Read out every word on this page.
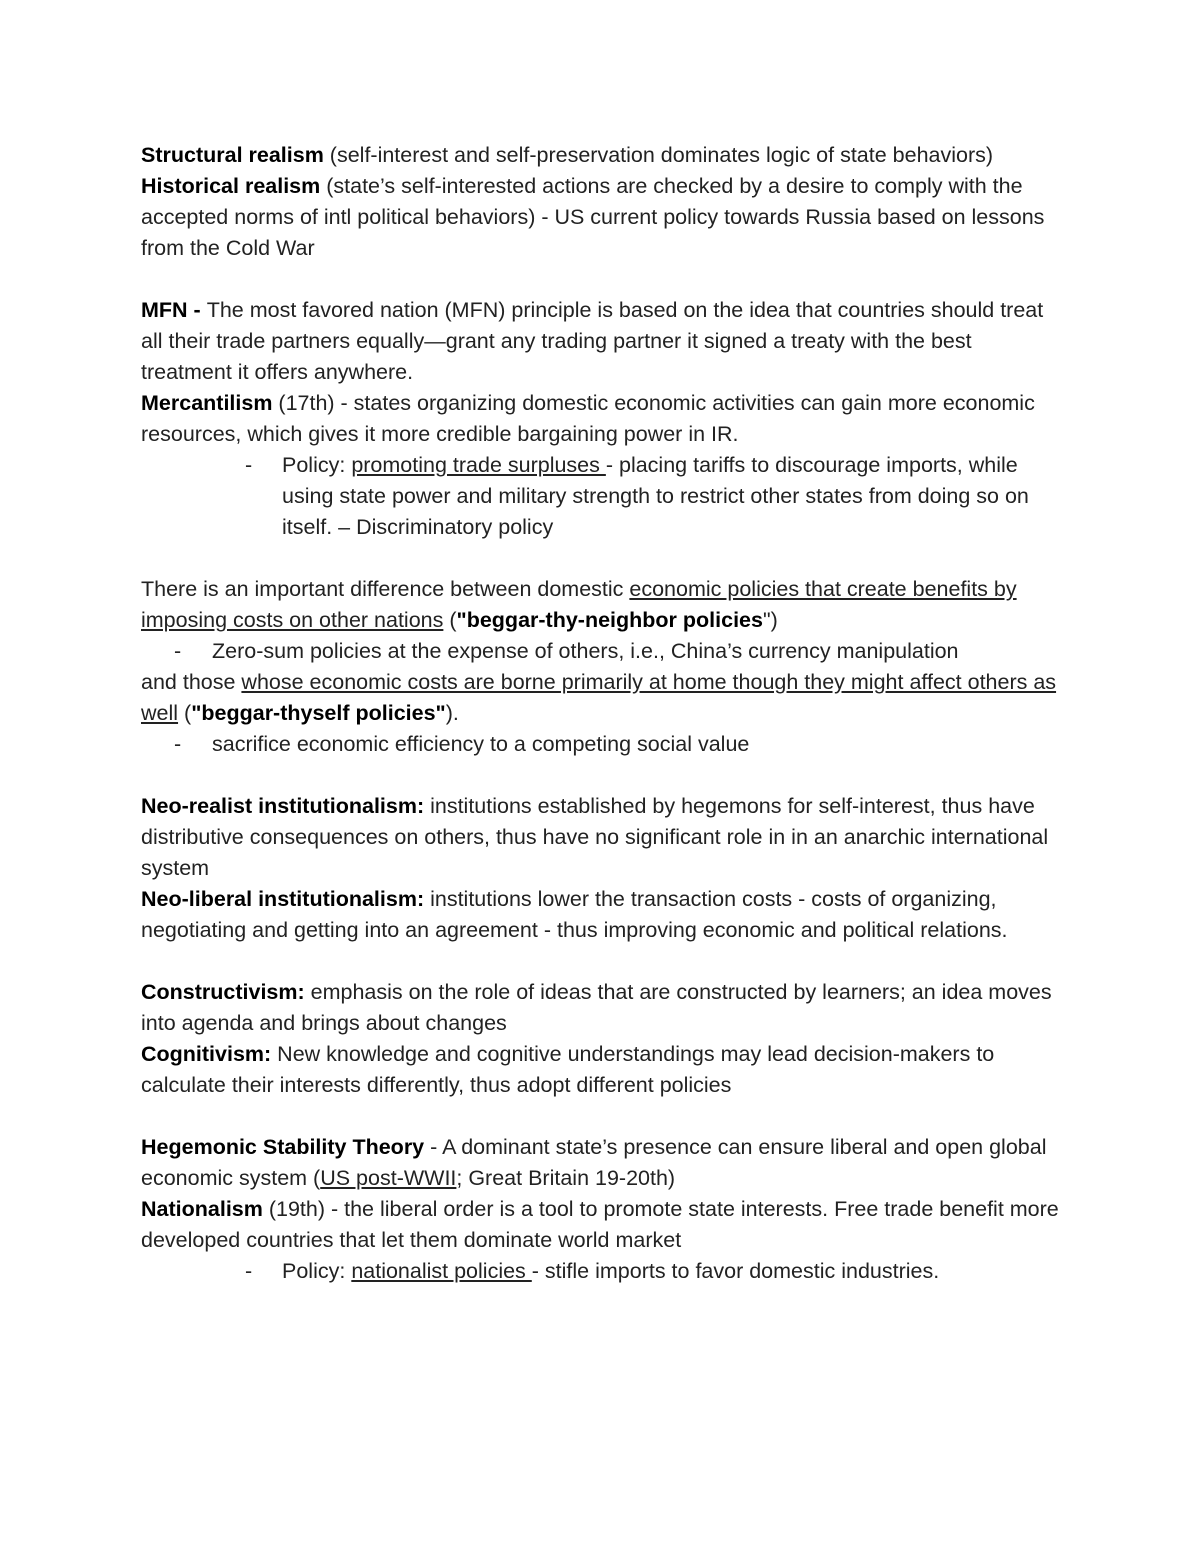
Structural realism (self-interest and self-preservation dominates logic of state behaviors)

Historical realism (state’s self-interested actions are checked by a desire to comply with the accepted norms of intl political behaviors) - US current policy towards Russia based on lessons from the Cold War

MFN - The most favored nation (MFN) principle is based on the idea that countries should treat all their trade partners equally—grant any trading partner it signed a treaty with the best treatment it offers anywhere.

Mercantilism (17th) - states organizing domestic economic activities can gain more economic resources, which gives it more credible bargaining power in IR.

- Policy: promoting trade surpluses - placing tariffs to discourage imports, while using state power and military strength to restrict other states from doing so on itself. – Discriminatory policy

There is an important difference between domestic economic policies that create benefits by imposing costs on other nations ("beggar-thy-neighbor policies")

- Zero-sum policies at the expense of others, i.e., China’s currency manipulation

and those whose economic costs are borne primarily at home though they might affect others as well ("beggar-thyself policies").

- sacrifice economic efficiency to a competing social value

Neo-realist institutionalism: institutions established by hegemons for self-interest, thus have distributive consequences on others, thus have no significant role in in an anarchic international system

Neo-liberal institutionalism: institutions lower the transaction costs - costs of organizing, negotiating and getting into an agreement - thus improving economic and political relations.

Constructivism: emphasis on the role of ideas that are constructed by learners; an idea moves into agenda and brings about changes

Cognitivism: New knowledge and cognitive understandings may lead decision-makers to calculate their interests differently, thus adopt different policies

Hegemonic Stability Theory - A dominant state’s presence can ensure liberal and open global economic system (US post-WWII; Great Britain 19-20th)

Nationalism (19th) - the liberal order is a tool to promote state interests. Free trade benefit more developed countries that let them dominate world market

- Policy: nationalist policies - stifle imports to favor domestic industries.
